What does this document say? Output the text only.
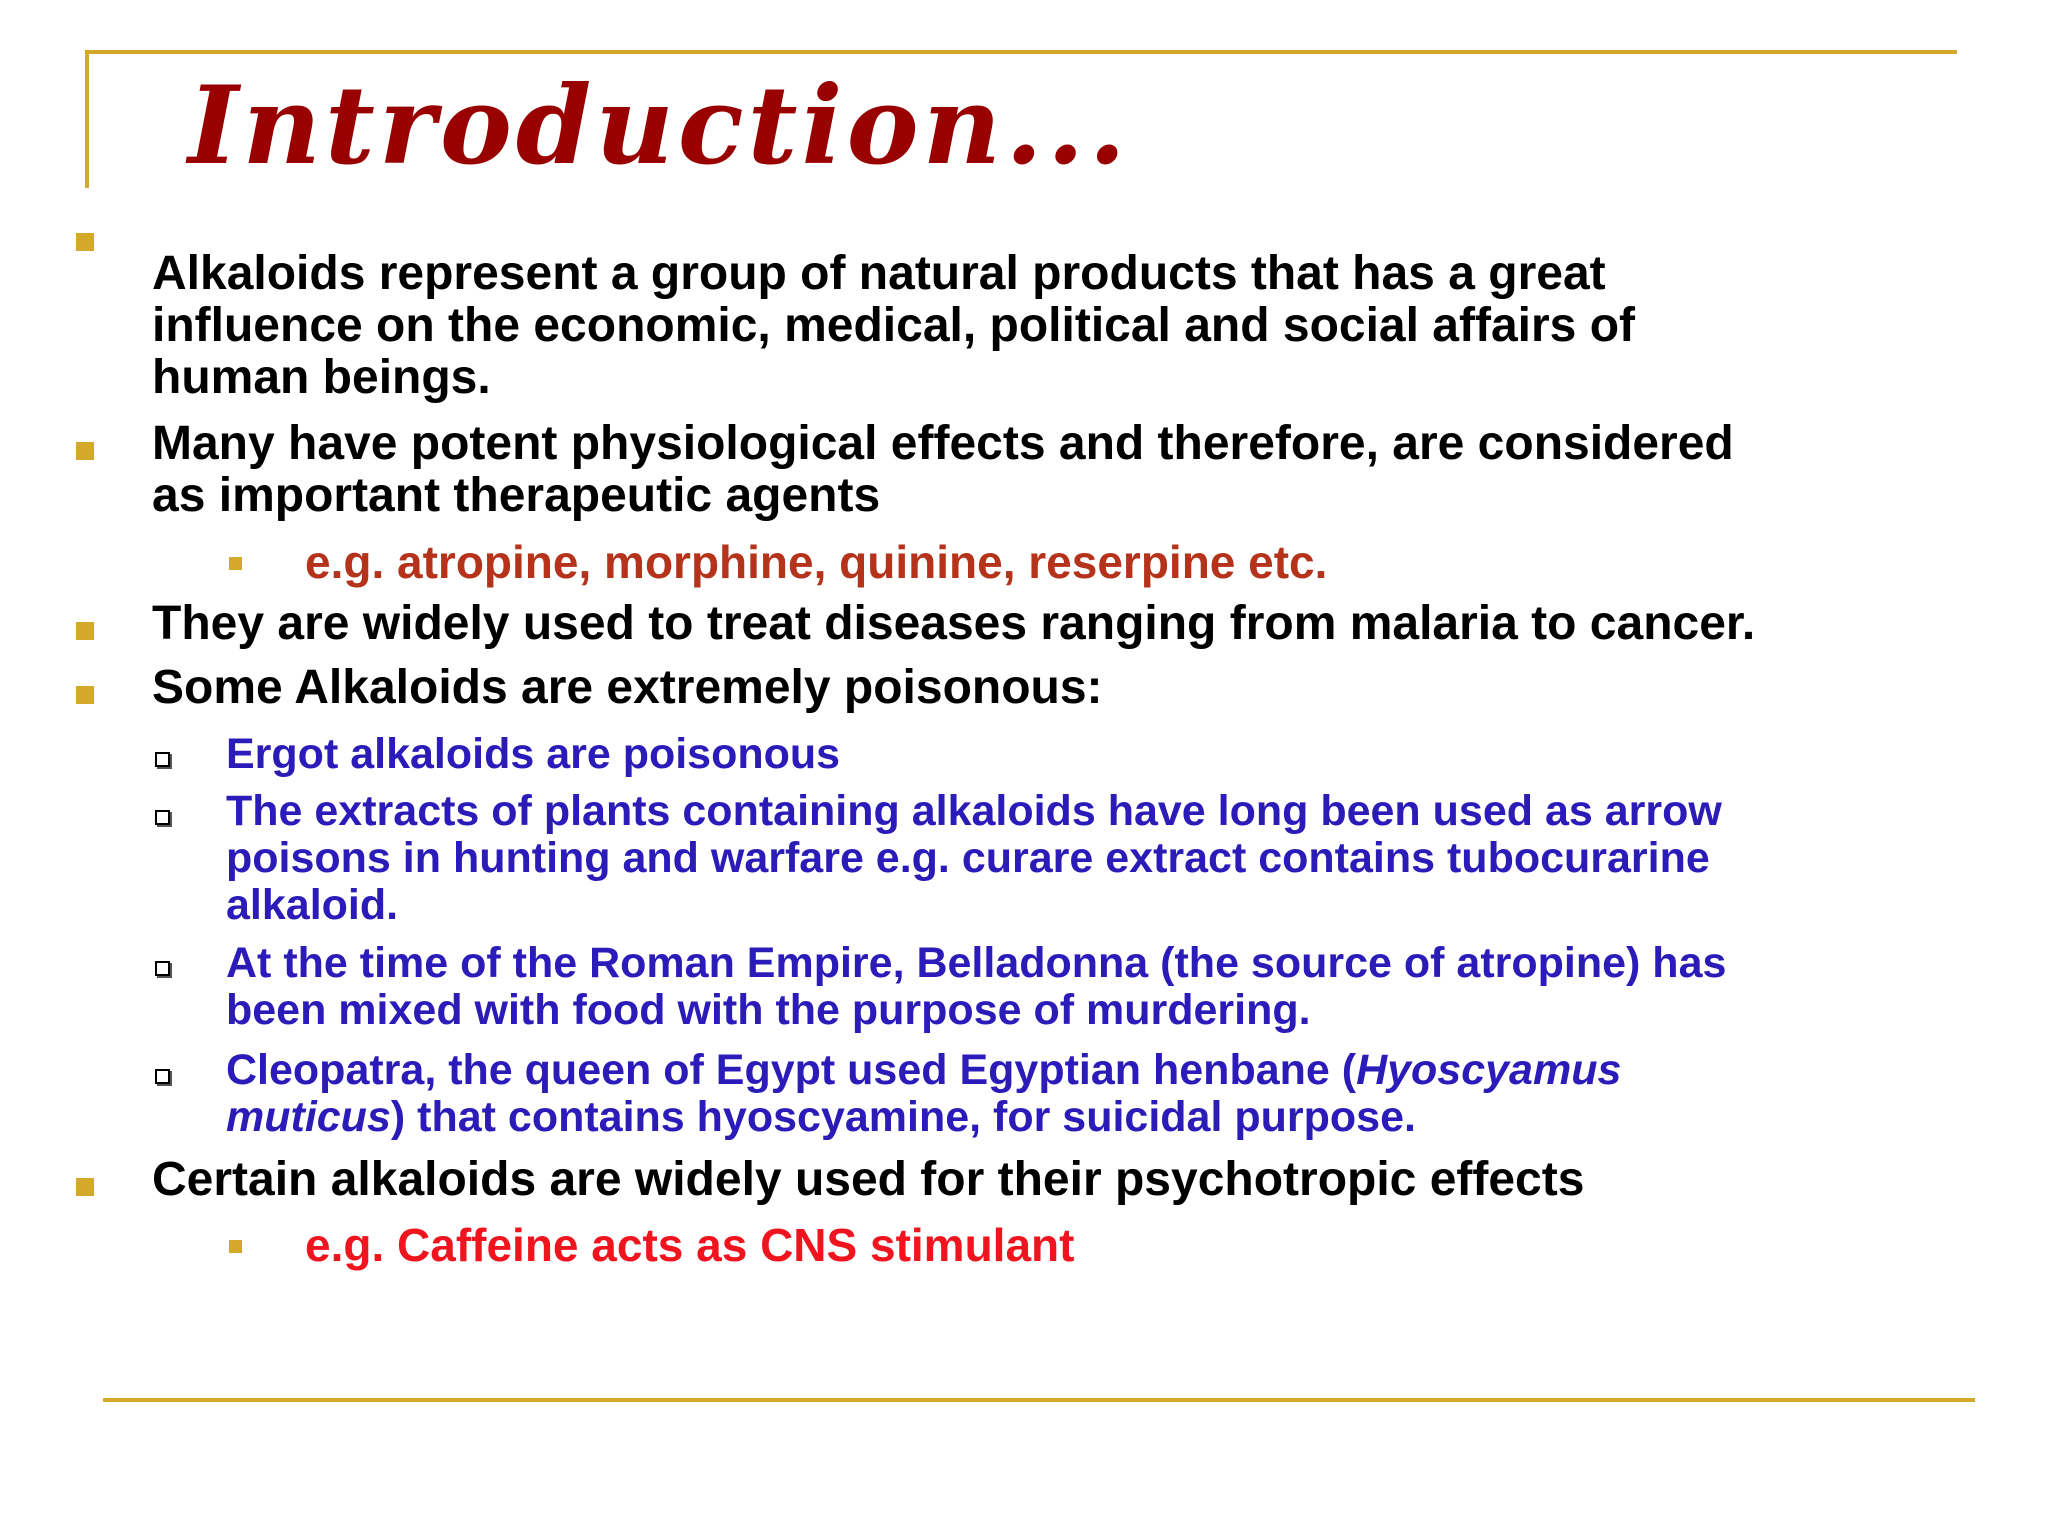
Introduction...
Alkaloids represent a group of natural products that has a great
influence on the economic, medical, political and social affairs of
human beings.
Many have potent physiological effects and therefore, are considered
as important therapeutic agents
e.g. atropine, morphine, quinine, reserpine etc.
They are widely used to treat diseases ranging from malaria to cancer.
Some Alkaloids are extremely poisonous:
Ergot alkaloids are poisonous
The extracts of plants containing alkaloids have long been used as arrow
poisons in hunting and warfare e.g. curare extract contains tubocurarine
alkaloid.
At the time of the Roman Empire, Belladonna (the source of atropine) has
been mixed with food with the purpose of murdering.
Cleopatra, the queen of Egypt used Egyptian henbane (Hyoscyamus
muticus) that contains hyoscyamine, for suicidal purpose.
Certain alkaloids are widely used for their psychotropic effects
e.g. Caffeine acts as CNS stimulant
